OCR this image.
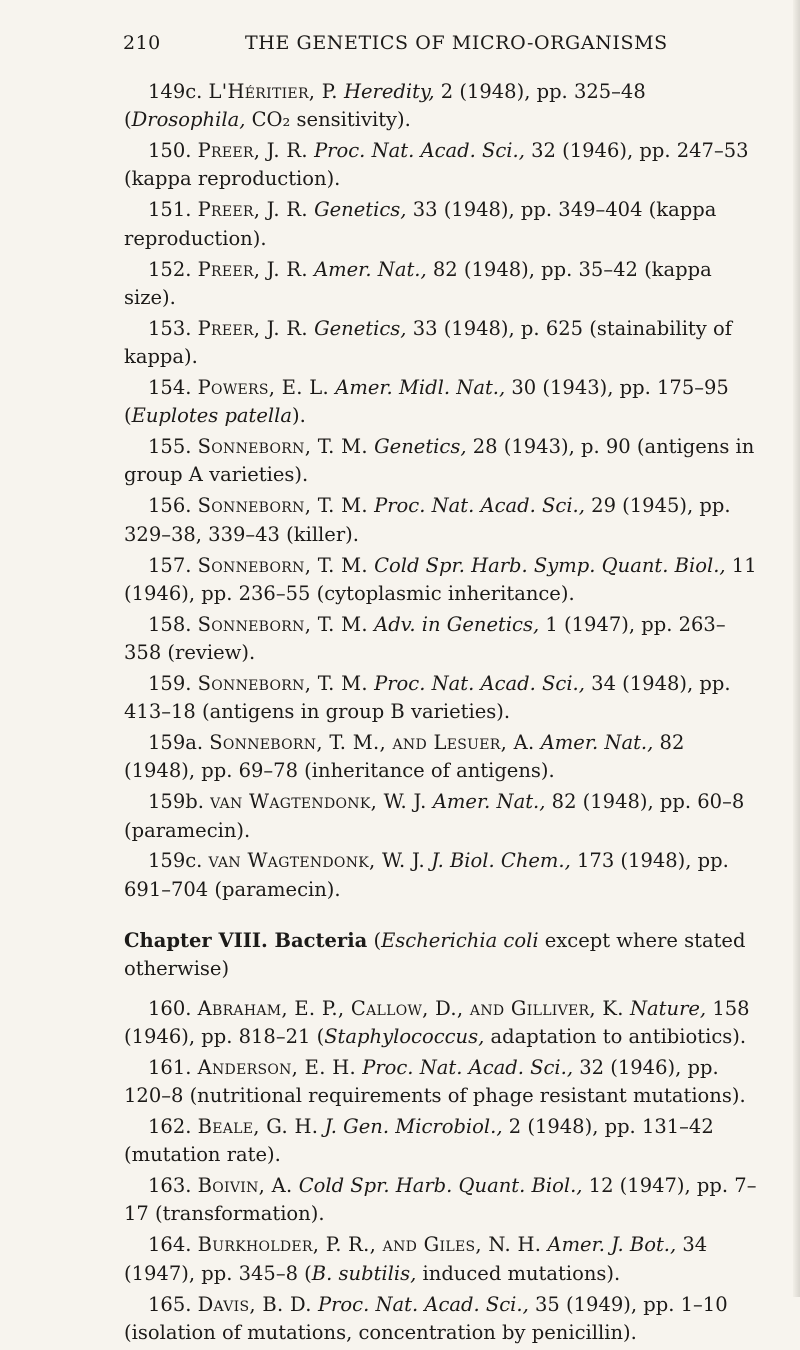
210	THE GENETICS OF MICRO-ORGANISMS

149c. L'Héritier, P. Heredity, 2 (1948), pp. 325–48 (Drosophila, CO₂ sensitivity).

150. Preer, J. R. Proc. Nat. Acad. Sci., 32 (1946), pp. 247–53 (kappa reproduction).

151. Preer, J. R. Genetics, 33 (1948), pp. 349–404 (kappa reproduction).

152. Preer, J. R. Amer. Nat., 82 (1948), pp. 35–42 (kappa size).

153. Preer, J. R. Genetics, 33 (1948), p. 625 (stainability of kappa).

154. Powers, E. L. Amer. Midl. Nat., 30 (1943), pp. 175–95 (Euplotes patella).

155. Sonneborn, T. M. Genetics, 28 (1943), p. 90 (antigens in group A varieties).

156. Sonneborn, T. M. Proc. Nat. Acad. Sci., 29 (1945), pp. 329–38, 339–43 (killer).

157. Sonneborn, T. M. Cold Spr. Harb. Symp. Quant. Biol., 11 (1946), pp. 236–55 (cytoplasmic inheritance).

158. Sonneborn, T. M. Adv. in Genetics, 1 (1947), pp. 263–358 (review).

159. Sonneborn, T. M. Proc. Nat. Acad. Sci., 34 (1948), pp. 413–18 (antigens in group B varieties).

159a. Sonneborn, T. M., and Lesuer, A. Amer. Nat., 82 (1948), pp. 69–78 (inheritance of antigens).

159b. van Wagtendonk, W. J. Amer. Nat., 82 (1948), pp. 60–8 (paramecin).

159c. van Wagtendonk, W. J. J. Biol. Chem., 173 (1948), pp. 691–704 (paramecin).

Chapter VIII. Bacteria (Escherichia coli except where stated otherwise)

160. Abraham, E. P., Callow, D., and Gilliver, K. Nature, 158 (1946), pp. 818–21 (Staphylococcus, adaptation to antibiotics).

161. Anderson, E. H. Proc. Nat. Acad. Sci., 32 (1946), pp. 120–8 (nutritional requirements of phage resistant mutations).

162. Beale, G. H. J. Gen. Microbiol., 2 (1948), pp. 131–42 (mutation rate).

163. Boivin, A. Cold Spr. Harb. Quant. Biol., 12 (1947), pp. 7–17 (transformation).

164. Burkholder, P. R., and Giles, N. H. Amer. J. Bot., 34 (1947), pp. 345–8 (B. subtilis, induced mutations).

165. Davis, B. D. Proc. Nat. Acad. Sci., 35 (1949), pp. 1–10 (isolation of mutations, concentration by penicillin).
